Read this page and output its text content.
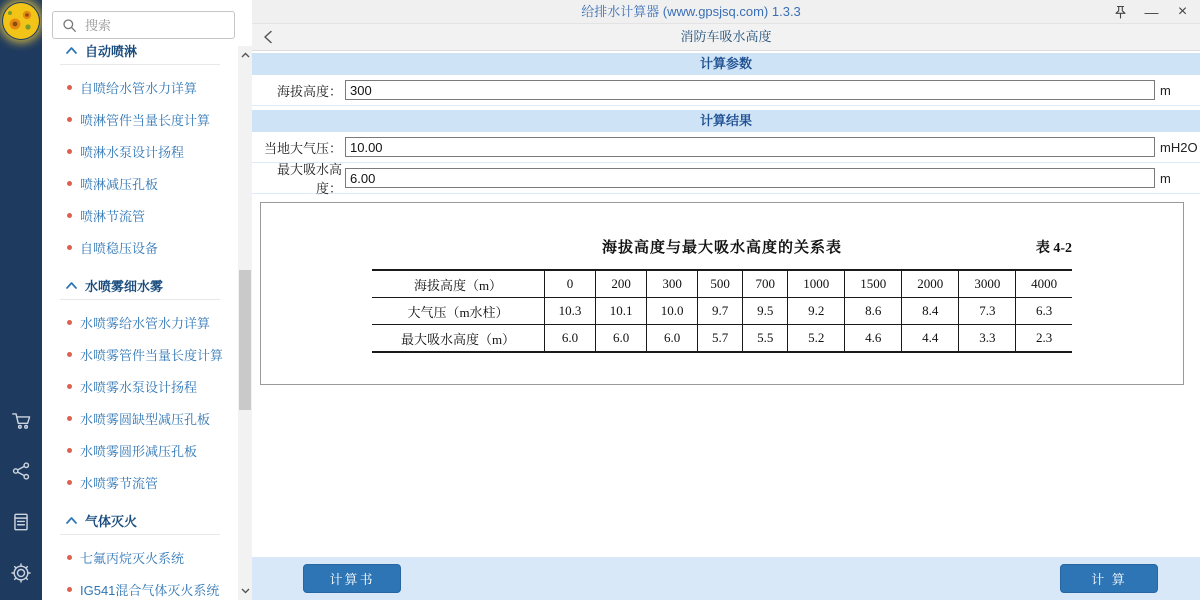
搜索
自动喷淋
自喷给水管水力详算
喷淋管件当量长度计算
喷淋水泵设计扬程
喷淋减压孔板
喷淋节流管
自喷稳压设备
水喷雾细水雾
水喷雾给水管水力详算
水喷雾管件当量长度计算
水喷雾水泵设计扬程
水喷雾圆缺型减压孔板
水喷雾圆形减压孔板
水喷雾节流管
气体灭火
七氟丙烷灭火系统
IG541混合气体灭火系统
给排水计算器 (www.gpsjsq.com) 1.3.3	— ×
消防车吸水高度
计算参数
海拔高度：
300	m
计算结果
当地大气压：
10.00	mH2O
最大吸水高度：
6.00
m
海拔高度与最大吸水高度的关系表	表 4-2
海拔高度（m）	0	200	300	500	700	1000	1500	2000	3000	4000
大气压（m水柱）	10.3	10.1	10.0	9.7	9.5	9.2	8.6	8.4	7.3	6.3
最大吸水高度（m）	6.0	6.0	6.0	5.7	5.5	5.2	4.6	4.4	3.3	2.3
计算书	计 算
